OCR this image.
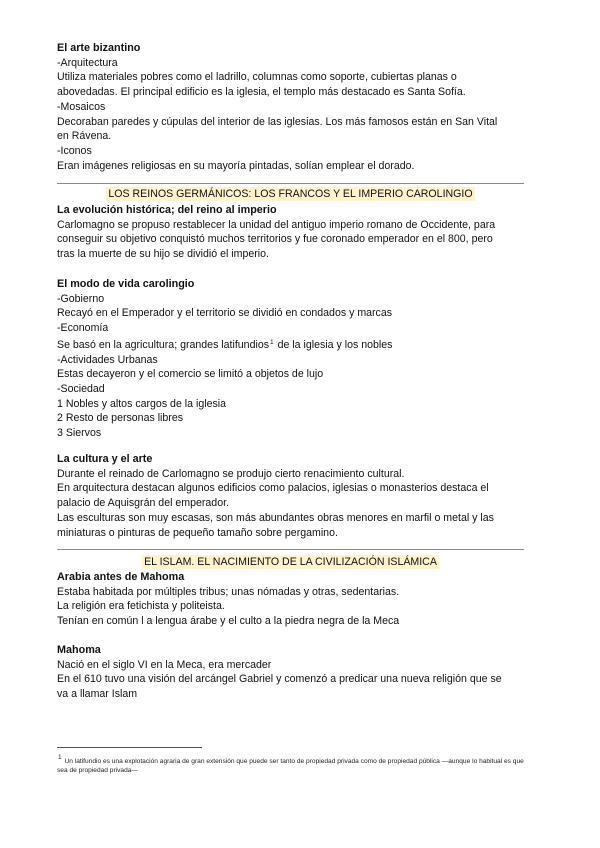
El arte bizantino
-Arquitectura
Utiliza materiales pobres como el ladrillo, columnas como soporte, cubiertas planas o
abovedadas. El principal edificio es la iglesia, el templo más destacado es Santa Sofía.
-Mosaicos
Decoraban paredes y cúpulas del interior de las iglesias. Los más famosos están en San Vital
en Rávena.
-Iconos
Eran imágenes religiosas en su mayoría pintadas, solían emplear el dorado.
LOS REINOS GERMÁNICOS: LOS FRANCOS Y EL IMPERIO CAROLINGIO
La evolución histórica; del reino al imperio
Carlomagno se propuso restablecer la unidad del antiguo imperio romano de Occidente, para
conseguir su objetivo conquistó muchos territorios y fue coronado emperador en el 800, pero
tras la muerte de su hijo se dividió el imperio.
El modo de vida carolingio
-Gobierno
Recayó en el Emperador y el territorio se dividió en condados y marcas
-Economía
Se basó en la agricultura; grandes latifundios$^1$ de la iglesia y los nobles
-Actividades Urbanas
Estas decayeron y el comercio se limitó a objetos de lujo
-Sociedad
1 Nobles y altos cargos de la iglesia
2 Resto de personas libres
3 Siervos
La cultura y el arte
Durante el reinado de Carlomagno se produjo cierto renacimiento cultural.
En arquitectura destacan algunos edificios como palacios, iglesias o monasterios destaca el
palacio de Aquisgrán del emperador.
Las esculturas son muy escasas, son más abundantes obras menores en marfil o metal y las
miniaturas o pinturas de pequeño tamaño sobre pergamino.
EL ISLAM. EL NACIMIENTO DE LA CIVILIZACIÓN ISLÁMICA
Arabia antes de Mahoma
Estaba habitada por múltiples tribus; unas nómadas y otras, sedentarias.
La religión era fetichista y politeista.
Tenían en común l a lengua árabe y el culto a la piedra negra de la Meca
Mahoma
Nació en el siglo VI en la Meca, era mercader
En el 610 tuvo una visión del arcángel Gabriel y comenzó a predicar una nueva religión que se
va a llamar Islam
1 Un latifundio es una explotación agraria de gran extensión que puede ser tanto de propiedad privada como de propiedad pública —aunque lo habitual es que sea de propiedad privada—
